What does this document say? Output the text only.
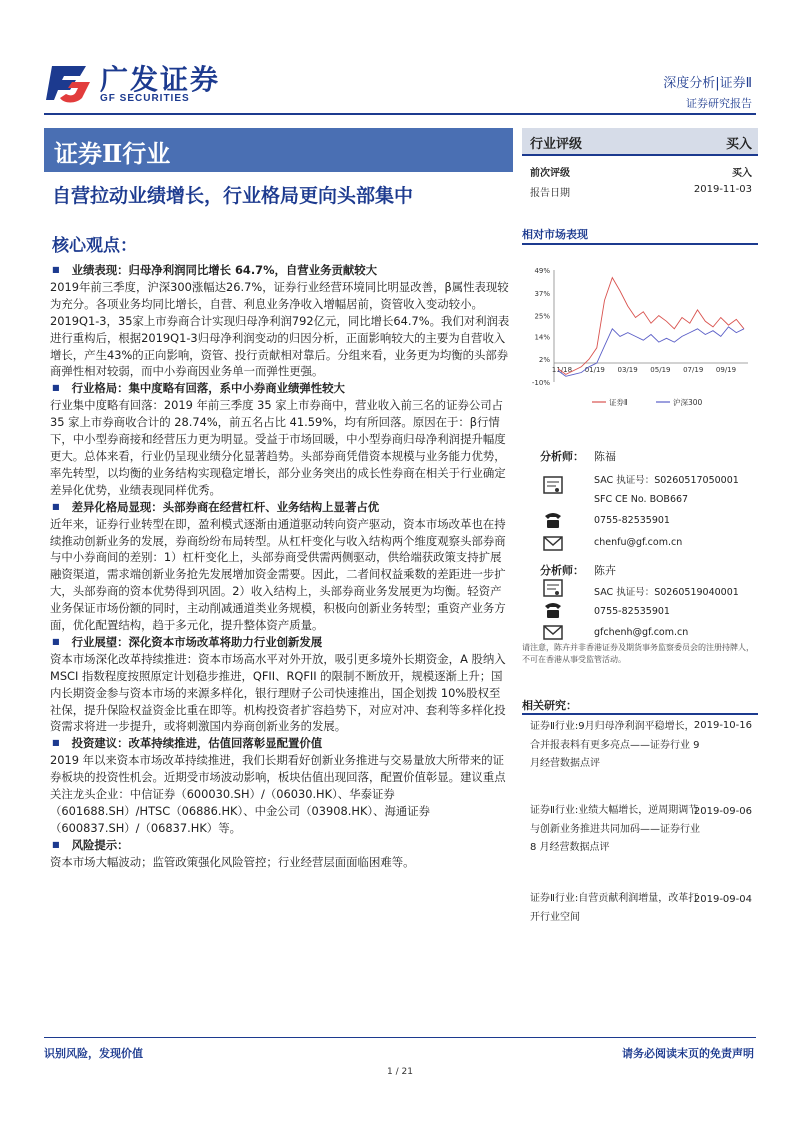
广发证券
GF SECURITIES
深度分析|证券Ⅱ
证券研究报告
证券Ⅱ行业
自营拉动业绩增长，行业格局更向头部集中
核心观点：
行业评级	买入
前次评级	买入
报告日期	2019-11-03
相对市场表现
49%
37%
25%
14%
2%
-10%
11/18 01/19 03/19 05/19 07/19 09/19
证券Ⅱ	沪深300

■ 业绩表现：归母净利润同比增长 64.7%，自营业务贡献较大

2019年前三季度，沪深300涨幅达26.7%，证券行业经营环境同比明显改善，β属性表现较为充分。各项业务均同比增长，自营、利息业务净收入增幅居前，资管收入变动较小。2019Q1-3，35家上市券商合计实现归母净利润792亿元，同比增长64.7%。我们对利润表进行重构后，根据2019Q1-3归母净利润变动的归因分析，正面影响较大的主要为自营收入增长，产生43%的正向影响，资管、投行贡献相对靠后。分组来看，业务更为均衡的头部券商弹性相对较弱，而中小券商因业务单一而弹性更强。

■ 行业格局：集中度略有回落，系中小券商业绩弹性较大

行业集中度略有回落：2019 年前三季度 35 家上市券商中，营业收入前三名的证券公司占 35 家上市券商收合计的 28.74%，前五名占比 41.59%，均有所回落。原因在于：β行情下，中小型券商接和经营压力更为明显。受益于市场回暖，中小型券商归母净利润提升幅度更大。总体来看，行业仍呈现业绩分化显著趋势。头部券商凭借资本规模与业务能力优势，率先转型，以均衡的业务结构实现稳定增长，部分业务突出的成长性券商在相关于行业确定差异化优势，业绩表现同样优秀。

■ 差异化格局显现：头部券商在经营杠杆、业务结构上显著占优

近年来，证券行业转型在即，盈利模式逐渐由通道驱动转向资产驱动，资本市场改革也在持续推动创新业务的发展，券商纷纷布局转型。从杠杆变化与收入结构两个维度观察头部券商与中小券商间的差别：1）杠杆变化上，头部券商受供需两侧驱动，供给端获政策支持扩展融资渠道，需求端创新业务抢先发展增加资金需要。因此，二者间权益乘数的差距进一步扩大，头部券商的资本优势得到巩固。2）收入结构上，头部券商业务发展更为均衡。轻资产业务保证市场份额的同时，主动削减通道类业务规模，积极向创新业务转型；重资产业务方面，优化配置结构，趋于多元化，提升整体资产质量。

■ 行业展望：深化资本市场改革将助力行业创新发展

资本市场深化改革持续推进：资本市场高水平对外开放，吸引更多境外长期资金，A 股纳入 MSCI 指数程度按照原定计划稳步推进，QFII、RQFII 的限制不断放开，规模逐渐上升；国内长期资金参与资本市场的来源多样化，银行理财子公司快速推出，国企划拨 10%股权至社保，提升保险权益资金比重在即等。机构投资者扩容趋势下，对应对冲、套利等多样化投资需求将进一步提升，或将刺激国内券商创新业务的发展。

■ 投资建议：改革持续推进，估值回落彰显配置价值

2019 年以来资本市场改革持续推进，我们长期看好创新业务推进与交易量放大所带来的证券板块的投资性机会。近期受市场波动影响，板块估值出现回落，配置价值彰显。建议重点关注龙头企业：中信证券（600030.SH）/（06030.HK）、华泰证券（601688.SH）/HTSC（06886.HK）、中金公司（03908.HK）、海通证券（600837.SH）/（06837.HK）等。

■ 风险提示：

资本市场大幅波动；监管政策强化风险管控；行业经营层面面临困难等。

分析师： 陈福
SAC 执证号：S0260517050001
SFC CE No. BOB667
0755-82535901
chenfu@gf.com.cn
分析师： 陈卉
SAC 执证号：S0260519040001
0755-82535901
gfchenh@gf.com.cn
请注意，陈卉并非香港证券及期货事务监察委员会的注册持牌人，不可在香港从事受监管活动。
相关研究：
证券Ⅱ行业:9月归母净利润平稳增长，合并报表料有更多亮点——证券行业 9 月经营数据点评
2019-10-16
证券Ⅱ行业:业绩大幅增长，逆周期调节与创新业务推进共同加码——证券行业 8 月经营数据点评
2019-09-06
证券Ⅱ行业:自营贡献利润增量，改革打开行业空间
2019-09-04
识别风险，发现价值	请务必阅读末页的免责声明
1 / 21
